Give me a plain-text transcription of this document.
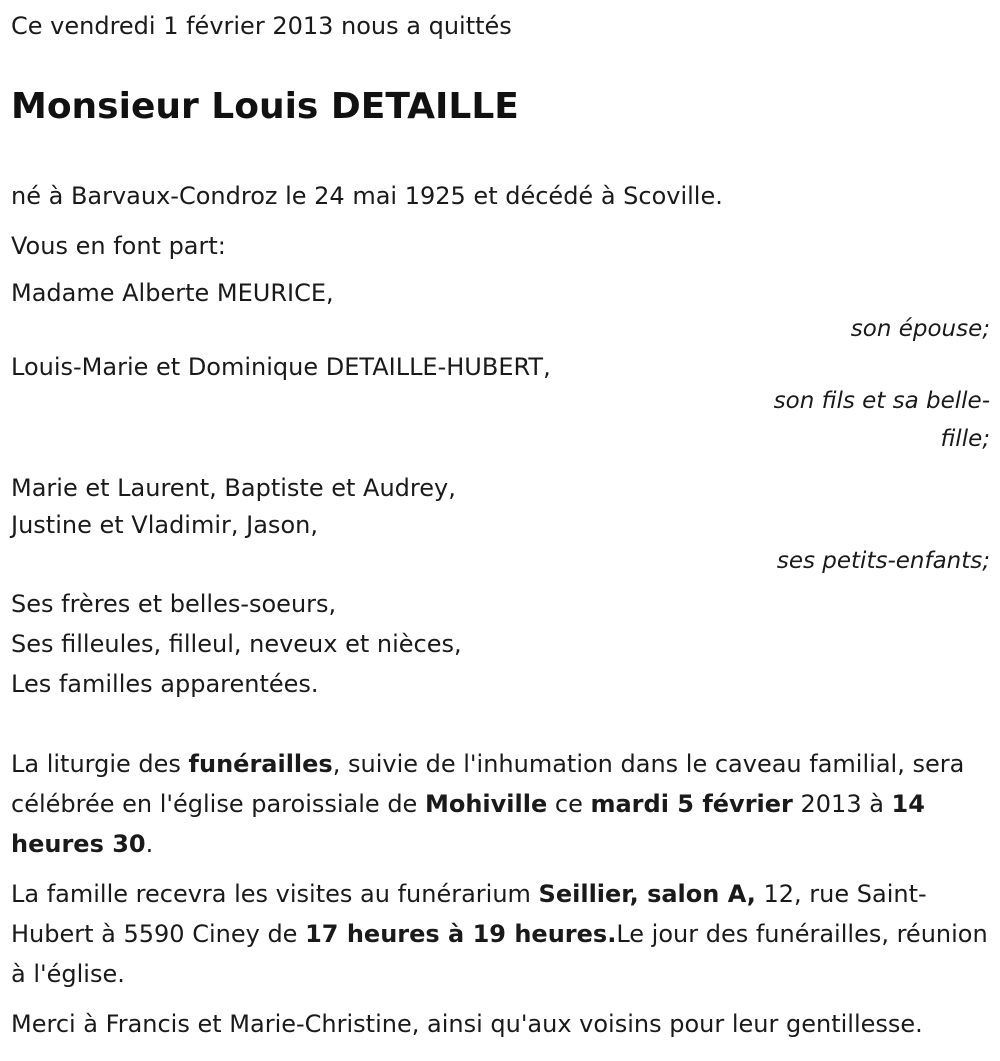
Ce vendredi 1 février 2013 nous a quittés

Monsieur Louis DETAILLE

né à Barvaux-Condroz le 24 mai 1925 et décédé à Scoville.

Vous en font part:

Madame Alberte MEURICE,

son épouse;

Louis-Marie et Dominique DETAILLE-HUBERT,

son fils et sa belle-fille;

Marie et Laurent, Baptiste et Audrey,

Justine et Vladimir, Jason,

ses petits-enfants;

Ses frères et belles-soeurs,

Ses filleules, filleul, neveux et nièces,

Les familles apparentées.

La liturgie des funérailles, suivie de l'inhumation dans le caveau familial, sera célébrée en l'église paroissiale de Mohiville ce mardi 5 février 2013 à 14 heures 30.

La famille recevra les visites au funérarium Seillier, salon A, 12, rue Saint-Hubert à 5590 Ciney de 17 heures à 19 heures.Le jour des funérailles, réunion à l'église.

Merci à Francis et Marie-Christine, ainsi qu'aux voisins pour leur gentillesse.
